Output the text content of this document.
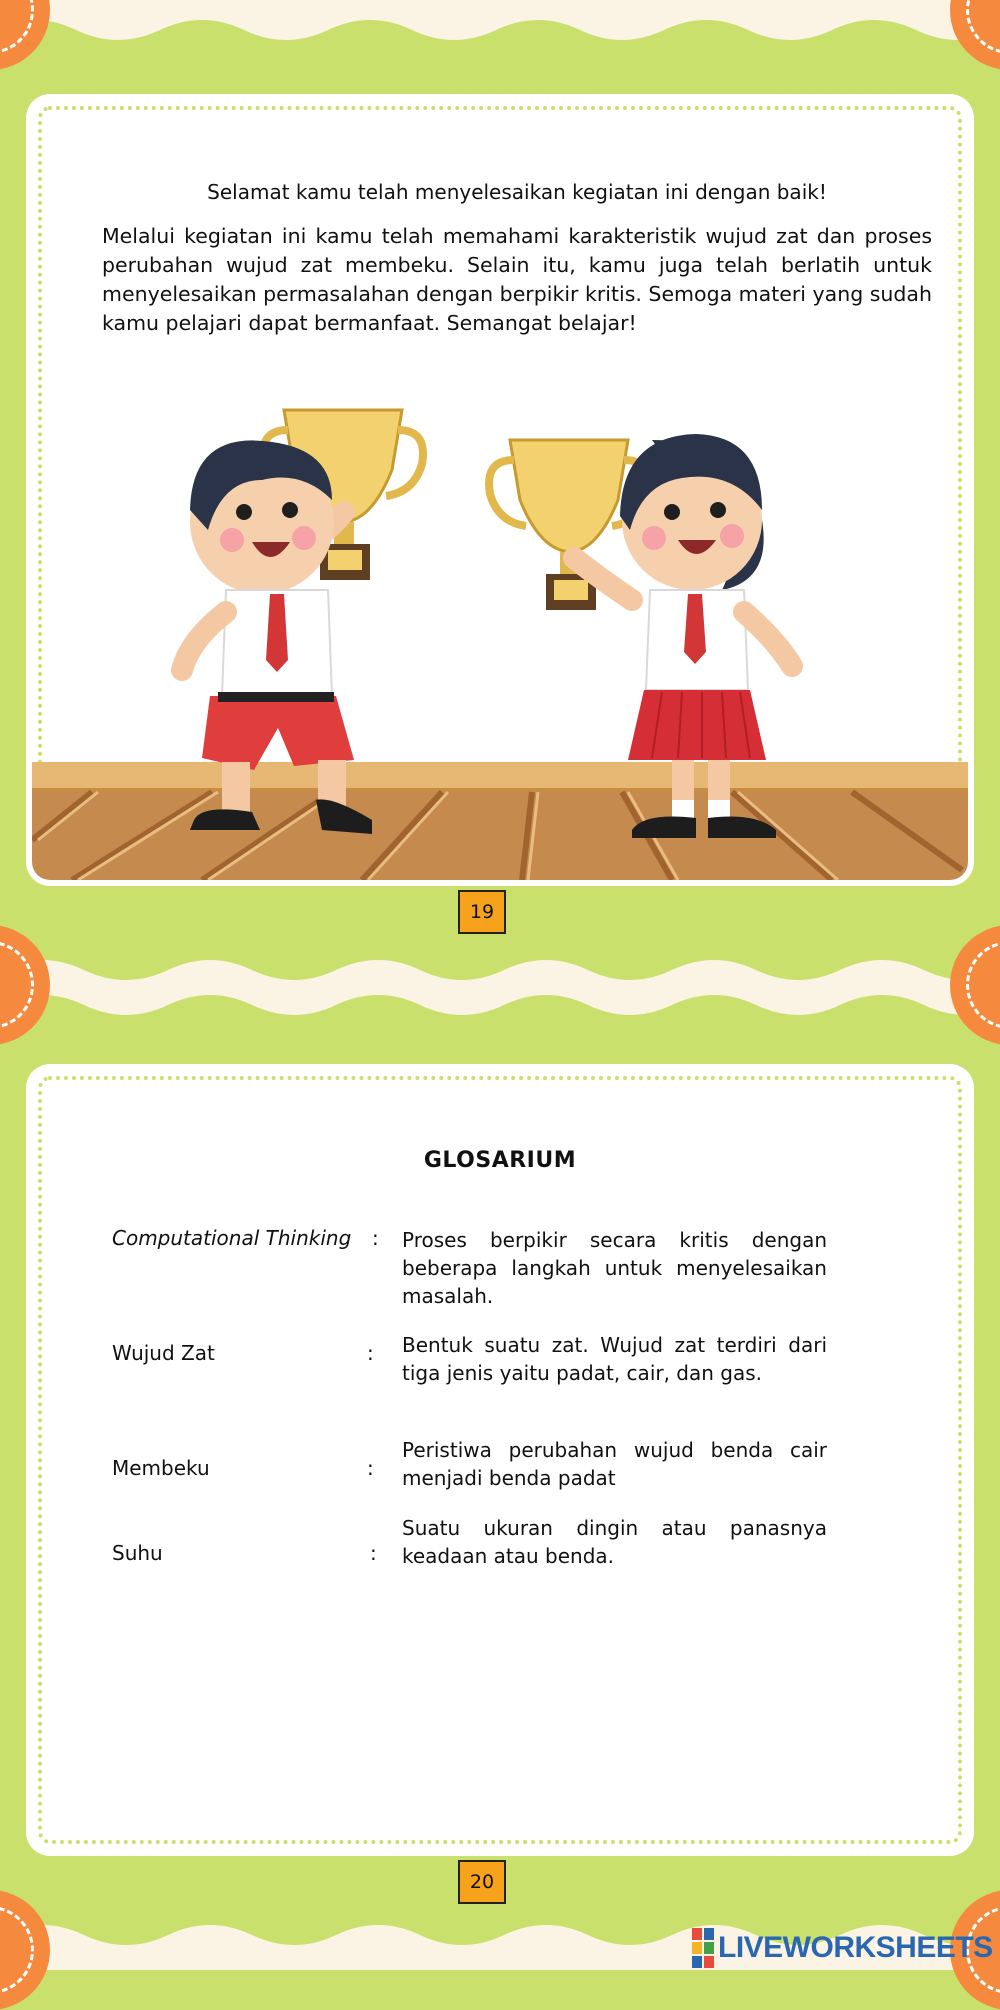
Selamat kamu telah menyelesaikan kegiatan ini dengan baik!

Melalui kegiatan ini kamu telah memahami karakteristik wujud zat dan proses perubahan wujud zat membeku. Selain itu, kamu juga telah berlatih untuk menyelesaikan permasalahan dengan berpikir kritis. Semoga materi yang sudah kamu pelajari dapat bermanfaat. Semangat belajar!

19
GLOSARIUM
Computational Thinking : Proses berpikir secara kritis dengan beberapa langkah untuk menyelesaikan masalah.
Wujud Zat	: Bentuk suatu zat. Wujud zat terdiri dari tiga jenis yaitu padat, cair, dan gas.
Membeku	:
Peristiwa perubahan wujud benda cair menjadi benda padat
Suhu	:
Suatu ukuran dingin atau panasnya keadaan atau benda.
20
LIVEWORKSHEETS
